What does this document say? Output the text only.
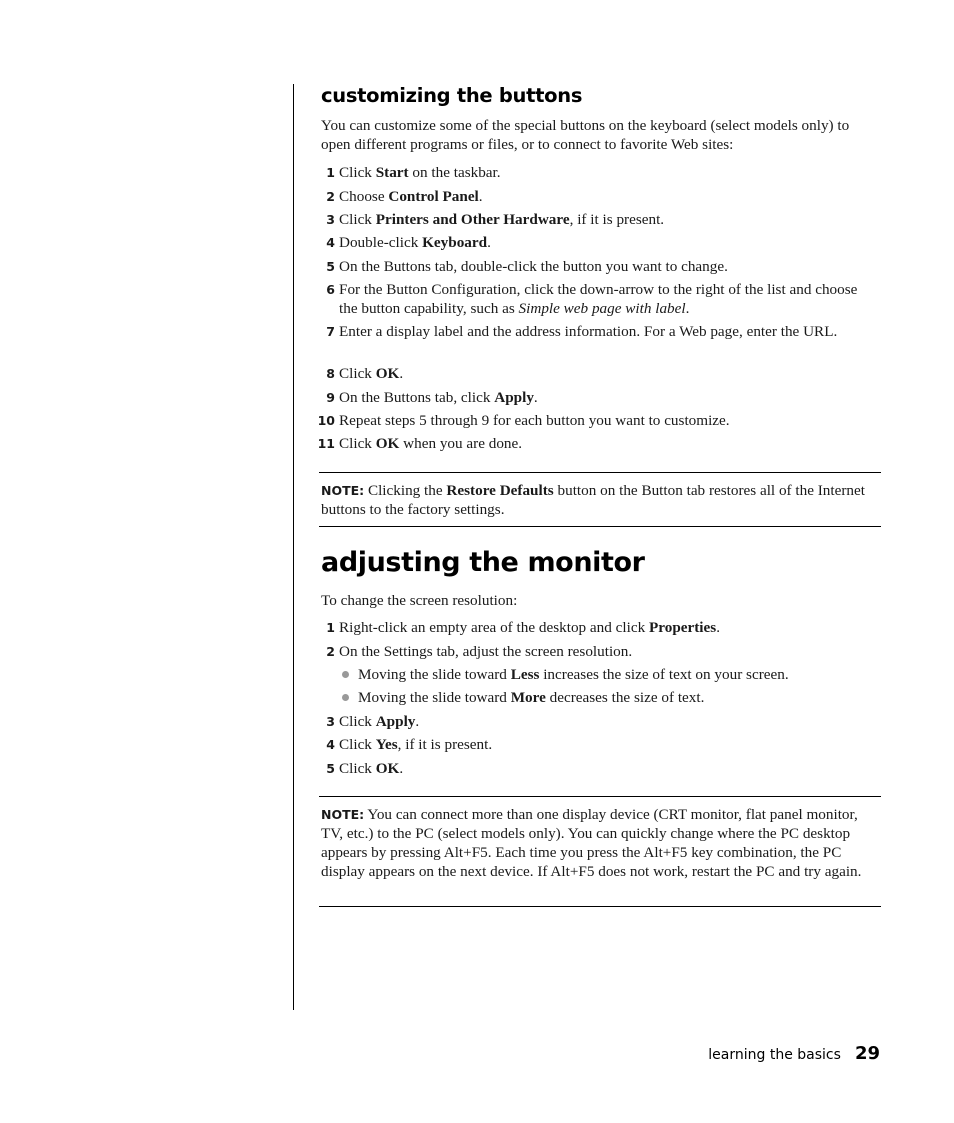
customizing the buttons
You can customize some of the special buttons on the keyboard (select models only) to open different programs or files, or to connect to favorite Web sites:
1 Click Start on the taskbar.
2 Choose Control Panel.
3 Click Printers and Other Hardware, if it is present.
4 Double-click Keyboard.
5 On the Buttons tab, double-click the button you want to change.
6 For the Button Configuration, click the down-arrow to the right of the list and choose the button capability, such as Simple web page with label.
7 Enter a display label and the address information. For a Web page, enter the URL.
8 Click OK.
9 On the Buttons tab, click Apply.
10 Repeat steps 5 through 9 for each button you want to customize.
11 Click OK when you are done.
NOTE: Clicking the Restore Defaults button on the Button tab restores all of the Internet buttons to the factory settings.
adjusting the monitor
To change the screen resolution:
1 Right-click an empty area of the desktop and click Properties.
2 On the Settings tab, adjust the screen resolution.
Moving the slide toward Less increases the size of text on your screen.
Moving the slide toward More decreases the size of text.
3 Click Apply.
4 Click Yes, if it is present.
5 Click OK.
NOTE: You can connect more than one display device (CRT monitor, flat panel monitor, TV, etc.) to the PC (select models only). You can quickly change where the PC desktop appears by pressing Alt+F5. Each time you press the Alt+F5 key combination, the PC display appears on the next device. If Alt+F5 does not work, restart the PC and try again.
learning the basics 29
